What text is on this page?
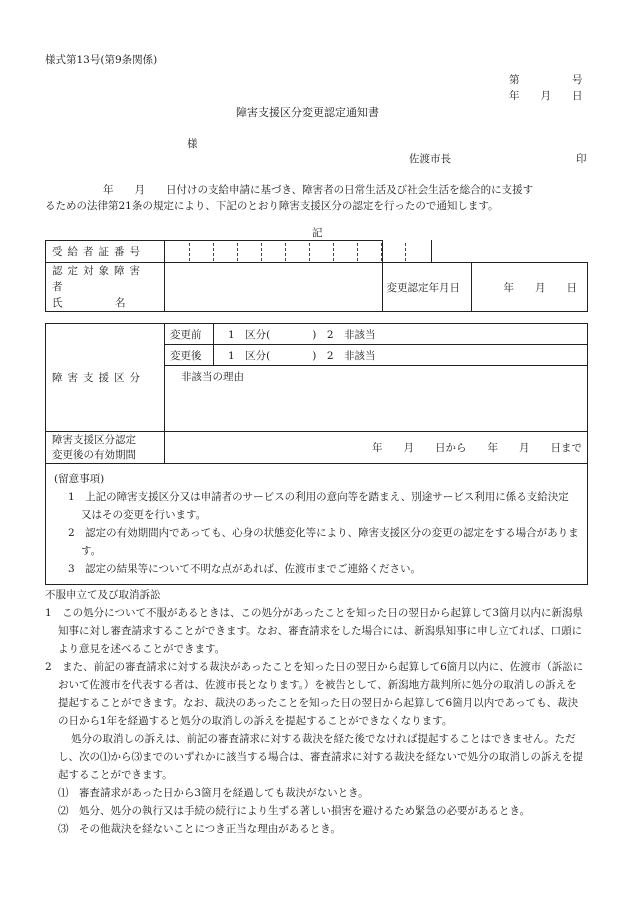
様式第13号(第9条関係)
第　　　　　号
年　　月　　日
障害支援区分変更認定通知書
様
佐渡市長	印
年　　月　　日付けの支給申請に基づき、障害者の日常生活及び社会生活を総合的に支援す
るための法律第21条の規定により、下記のとおり障害支援区分の認定を行ったので通知します。
記
受給者証番号		

認定対象障害者
氏　　　　　名		変更認定年月日	年　　月　　日
障害支援区分	変更前	1　区分(　　　　)　2　非該当
	変更後	1　区分(　　　　)　2　非該当
	非該当の理由	

障害支援区分認定
変更後の有効期間	年　　月　　日から　　年　　月　　日まで	

(留意事項)
1　上記の障害支援区分又は申請者のサービスの利用の意向等を踏まえ、別途サービス利用に係る支給決定又はその変更を行います。
2　認定の有効期間内であっても、心身の状態変化等により、障害支援区分の変更の認定をする場合があります。
3　認定の結果等について不明な点があれば、佐渡市までご連絡ください。		

不服申立て及び取消訴訟

1　この処分について不服があるときは、この処分があったことを知った日の翌日から起算して3箇月以内に新潟県知事に対し審査請求することができます。なお、審査請求をした場合には、新潟県知事に申し立てれば、口頭により意見を述べることができます。

2　また、前記の審査請求に対する裁決があったことを知った日の翌日から起算して6箇月以内に、佐渡市（訴訟において佐渡市を代表する者は、佐渡市長となります。）を被告として、新潟地方裁判所に処分の取消しの訴えを提起することができます。なお、裁決のあったことを知った日の翌日から起算して6箇月以内であっても、裁決の日から1年を経過すると処分の取消しの訴えを提起することができなくなります。

処分の取消しの訴えは、前記の審査請求に対する裁決を経た後でなければ提起することはできません。ただし、次の⑴から⑶までのいずれかに該当する場合は、審査請求に対する裁決を経ないで処分の取消しの訴えを提起することができます。

⑴　審査請求があった日から3箇月を経過しても裁決がないとき。

⑵　処分、処分の執行又は手続の続行により生ずる著しい損害を避けるため緊急の必要があるとき。

⑶　その他裁決を経ないことにつき正当な理由があるとき。
